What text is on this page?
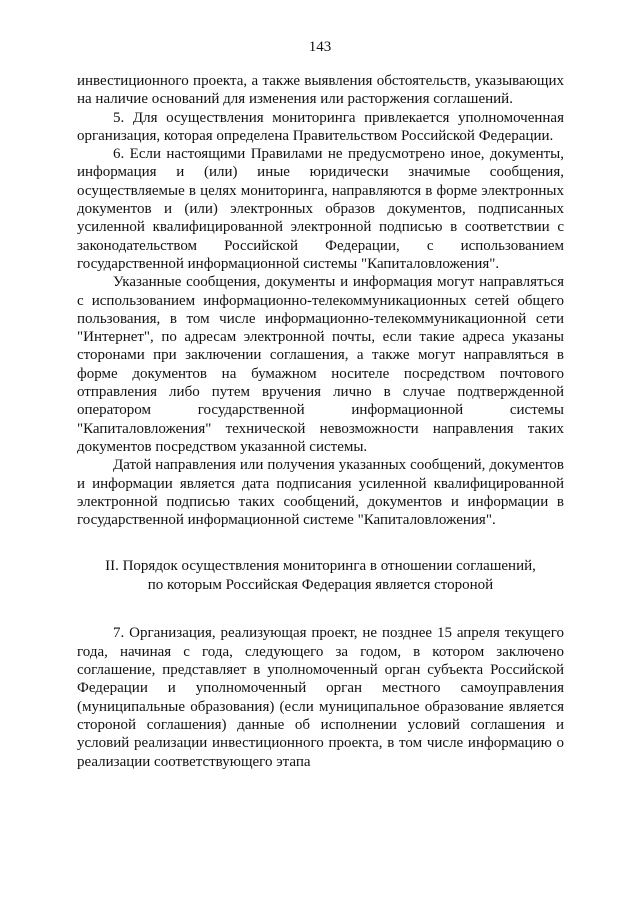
143

инвестиционного проекта, а также выявления обстоятельств, указывающих на наличие оснований для изменения или расторжения соглашений.

5. Для осуществления мониторинга привлекается уполномоченная организация, которая определена Правительством Российской Федерации.

6. Если настоящими Правилами не предусмотрено иное, документы, информация и (или) иные юридически значимые сообщения, осуществляемые в целях мониторинга, направляются в форме электронных документов и (или) электронных образов документов, подписанных усиленной квалифицированной электронной подписью в соответствии с законодательством Российской Федерации, с использованием государственной информационной системы "Капиталовложения".

Указанные сообщения, документы и информация могут направляться с использованием информационно-телекоммуникационных сетей общего пользования, в том числе информационно-телекоммуникационной сети "Интернет", по адресам электронной почты, если такие адреса указаны сторонами при заключении соглашения, а также могут направляться в форме документов на бумажном носителе посредством почтового отправления либо путем вручения лично в случае подтвержденной оператором государственной информационной системы "Капиталовложения" технической невозможности направления таких документов посредством указанной системы.

Датой направления или получения указанных сообщений, документов и информации является дата подписания усиленной квалифицированной электронной подписью таких сообщений, документов и информации в государственной информационной системе "Капиталовложения".

II. Порядок осуществления мониторинга в отношении соглашений,
по которым Российская Федерация является стороной

7. Организация, реализующая проект, не позднее 15 апреля текущего года, начиная с года, следующего за годом, в котором заключено соглашение, представляет в уполномоченный орган субъекта Российской Федерации и уполномоченный орган местного самоуправления (муниципальные образования) (если муниципальное образование является стороной соглашения) данные об исполнении условий соглашения и условий реализации инвестиционного проекта, в том числе информацию о реализации соответствующего этапа
